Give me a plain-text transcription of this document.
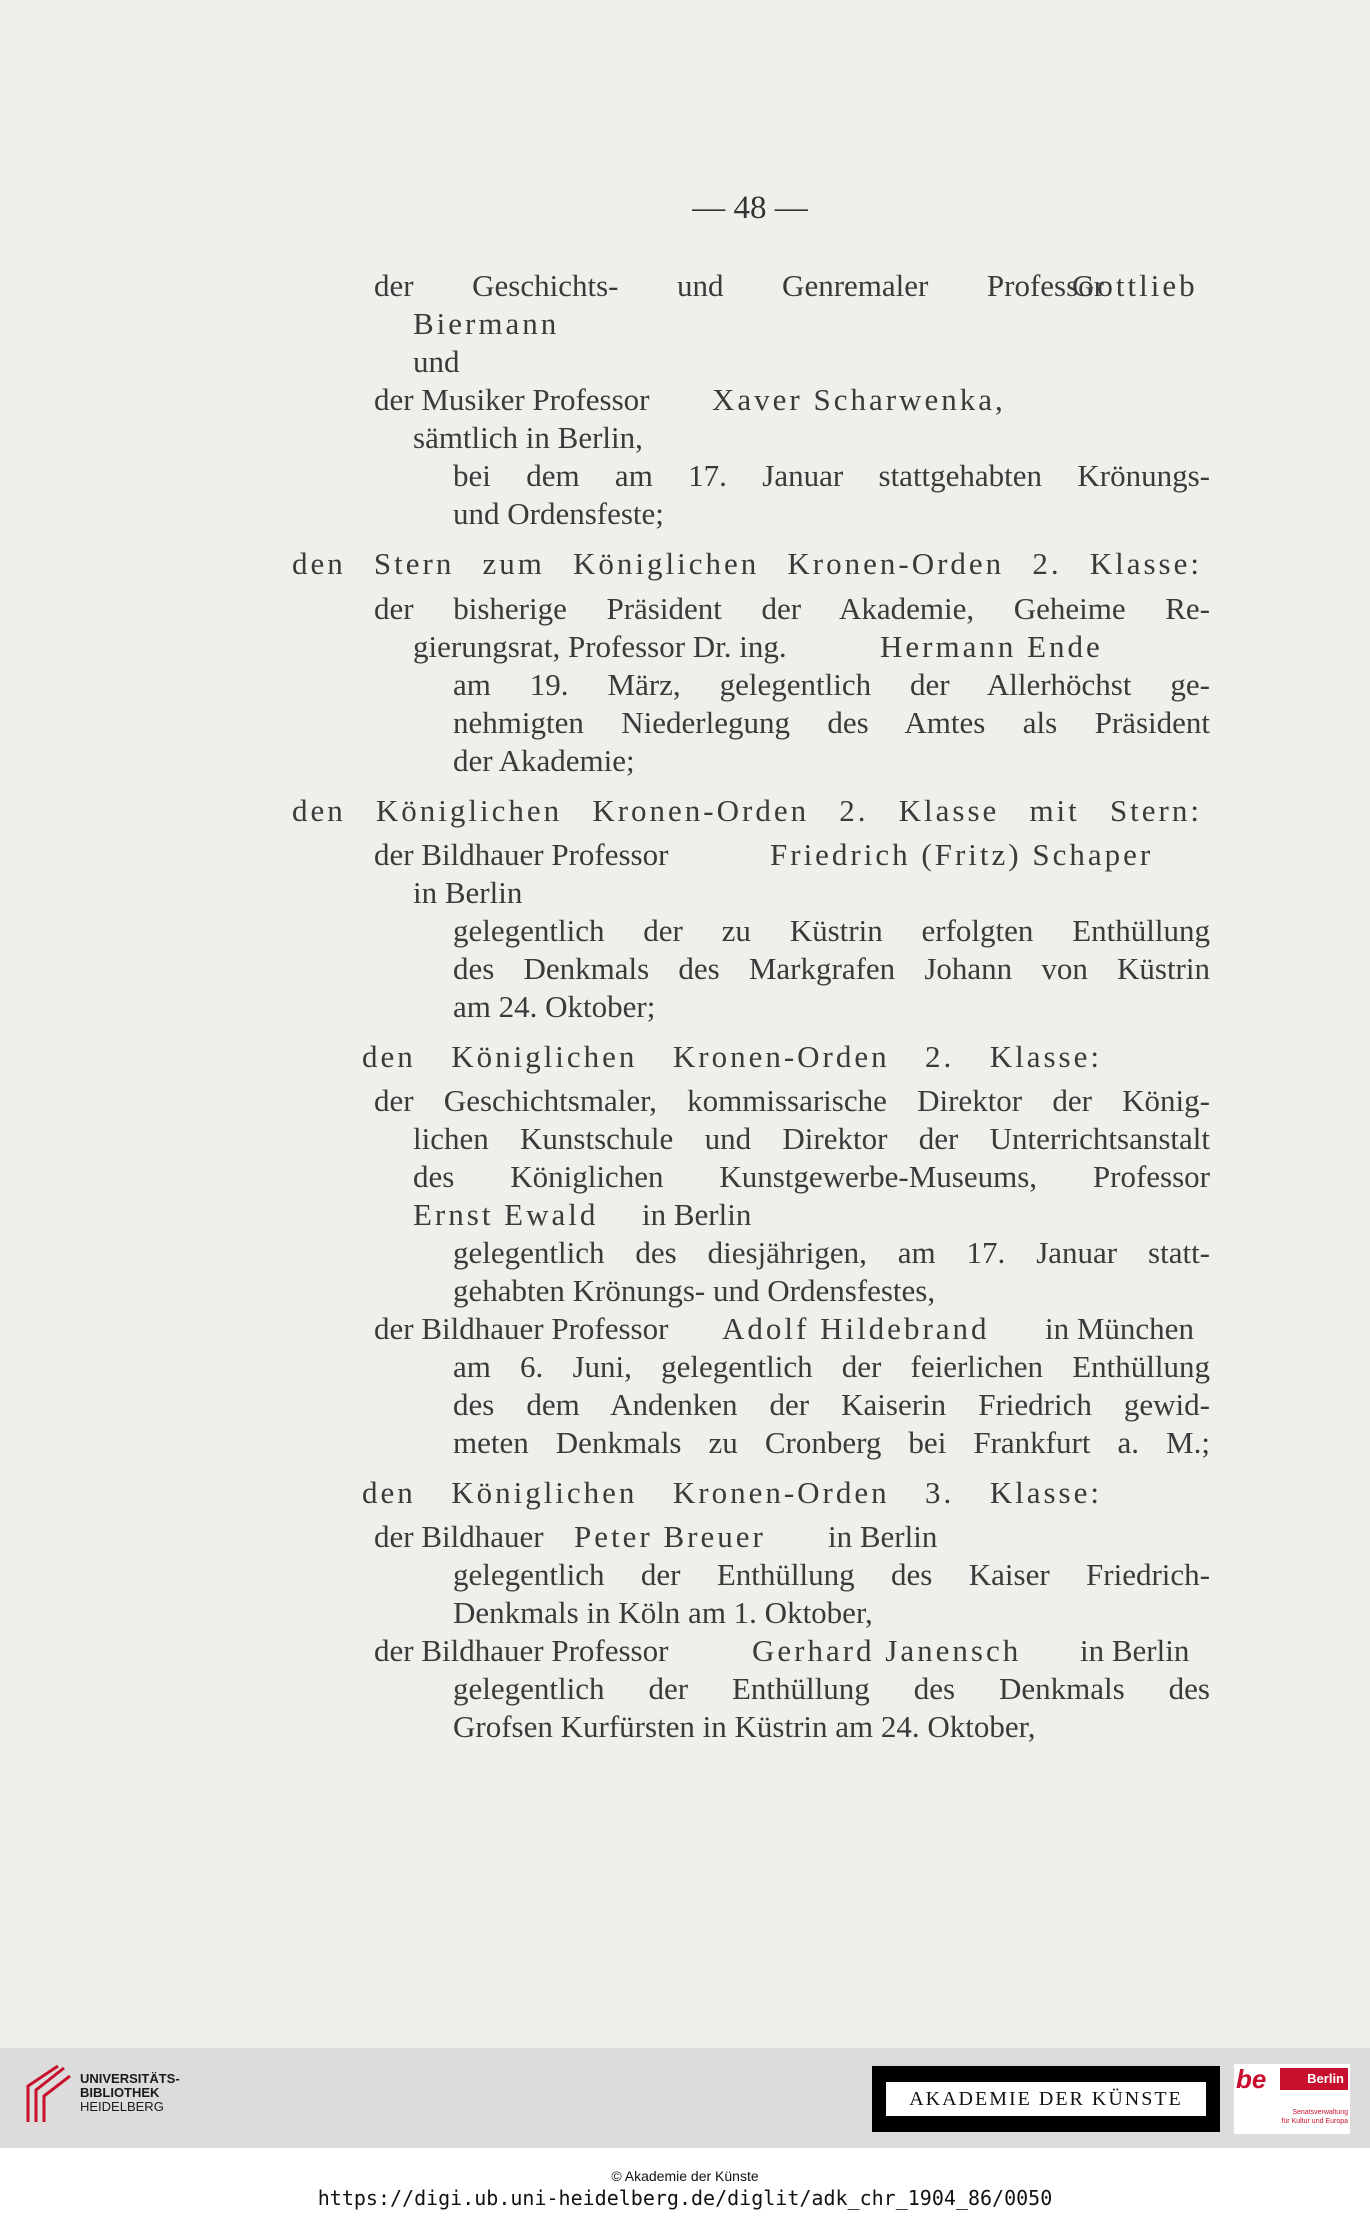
— 48 —
der Geschichts- und Genremaler Professor
Gottlieb
Biermann
und
der Musiker Professor Xaver Scharwenka,
sämtlich in Berlin,
bei dem am 17. Januar stattgehabten Krönungs-
und Ordensfeste;
den Stern zum Königlichen Kronen-Orden 2. Klasse:
der bisherige Präsident der Akademie, Geheime Re-
gierungsrat, Professor Dr. ing.	Hermann Ende
am 19. März, gelegentlich der Allerhöchst ge-
nehmigten Niederlegung des Amtes als Präsident
der Akademie;
den Königlichen Kronen-Orden 2. Klasse mit Stern:
der Bildhauer Professor	Friedrich (Fritz) Schaper
in Berlin
gelegentlich der zu Küstrin erfolgten Enthüllung
des Denkmals des Markgrafen Johann von Küstrin
am 24. Oktober;
den Königlichen Kronen-Orden 2. Klasse:
der Geschichtsmaler, kommissarische Direktor der König-
lichen Kunstschule und Direktor der Unterrichtsanstalt
des Königlichen Kunstgewerbe-Museums, Professor
Ernst Ewald in Berlin
gelegentlich des diesjährigen, am 17. Januar statt-
gehabten Krönungs- und Ordensfestes,
der Bildhauer Professor Adolf Hildebrand in München
am 6. Juni, gelegentlich der feierlichen Enthüllung
des dem Andenken der Kaiserin Friedrich gewid-
meten Denkmals zu Cronberg bei Frankfurt a. M.;
den Königlichen Kronen-Orden 3. Klasse:
der Bildhauer Peter Breuer in Berlin
gelegentlich der Enthüllung des Kaiser Friedrich-
Denkmals in Köln am 1. Oktober,
der Bildhauer Professor	Gerhard Janensch in Berlin
gelegentlich der Enthüllung des Denkmals des
Grofsen Kurfürsten in Küstrin am 24. Oktober,
UNIVERSITÄTS-
BIBLIOTHEK
HEIDELBERG	AKADEMIE DER KÜNSTE
be	Berlin
Senatsverwaltung
für Kultur und Europa
© Akademie der Künste
https://digi.ub.uni-heidelberg.de/diglit/adk_chr_1904_86/0050
